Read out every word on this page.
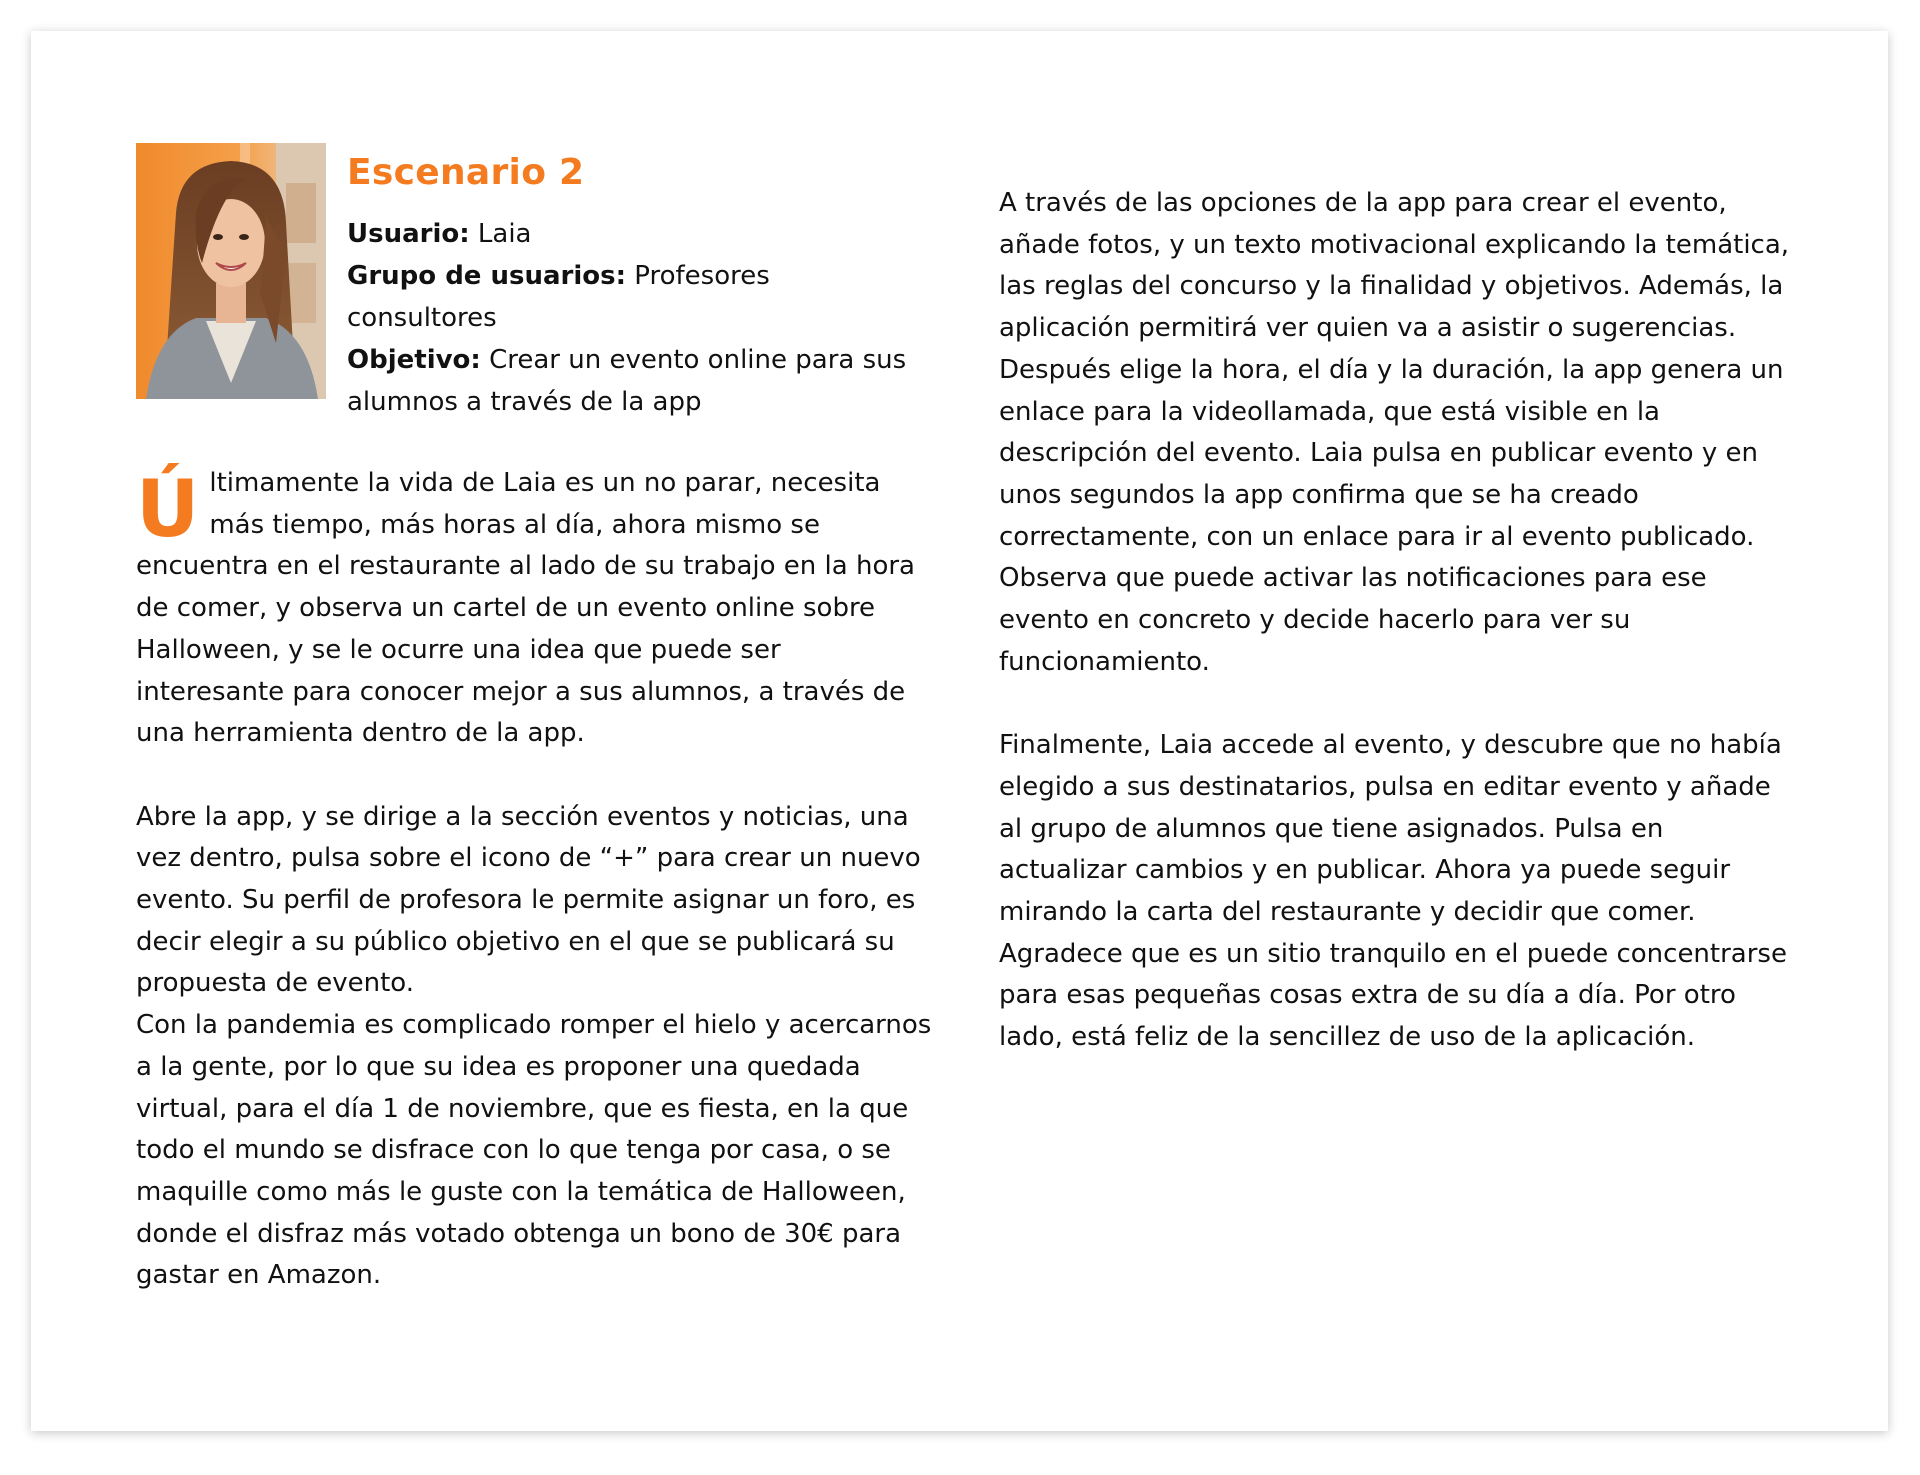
Escenario 2
Usuario: Laia
Grupo de usuarios: Profesores consultores
Objetivo: Crear un evento online para sus alumnos a través de la app

Ú ltimamente la vida de Laia es un no parar, necesita más tiempo, más horas al día, ahora mismo se encuentra en el restaurante al lado de su trabajo en la hora de comer, y observa un cartel de un evento online sobre Halloween, y se le ocurre una idea que puede ser interesante para conocer mejor a sus alumnos, a través de una herramienta dentro de la app.

Abre la app, y se dirige a la sección eventos y noticias, una vez dentro, pulsa sobre el icono de “+” para crear un nuevo evento. Su perfil de profesora le permite asignar un foro, es decir elegir a su público objetivo en el que se publicará su propuesta de evento.

Con la pandemia es complicado romper el hielo y acercarnos a la gente, por lo que su idea es proponer una quedada virtual, para el día 1 de noviembre, que es fiesta, en la que todo el mundo se disfrace con lo que tenga por casa, o se maquille como más le guste con la temática de Halloween, donde el disfraz más votado obtenga un bono de 30€ para gastar en Amazon.

A través de las opciones de la app para crear el evento, añade fotos, y un texto motivacional explicando la temática, las reglas del concurso y la finalidad y objetivos. Además, la aplicación permitirá ver quien va a asistir o sugerencias. Después elige la hora, el día y la duración, la app genera un enlace para la videollamada, que está visible en la descripción del evento. Laia pulsa en publicar evento y en unos segundos la app confirma que se ha creado correctamente, con un enlace para ir al evento publicado. Observa que puede activar las notificaciones para ese evento en concreto y decide hacerlo para ver su funcionamiento.

Finalmente, Laia accede al evento, y descubre que no había elegido a sus destinatarios, pulsa en editar evento y añade al grupo de alumnos que tiene asignados. Pulsa en actualizar cambios y en publicar. Ahora ya puede seguir mirando la carta del restaurante y decidir que comer.

Agradece que es un sitio tranquilo en el puede concentrarse para esas pequeñas cosas extra de su día a día. Por otro lado, está feliz de la sencillez de uso de la aplicación.
